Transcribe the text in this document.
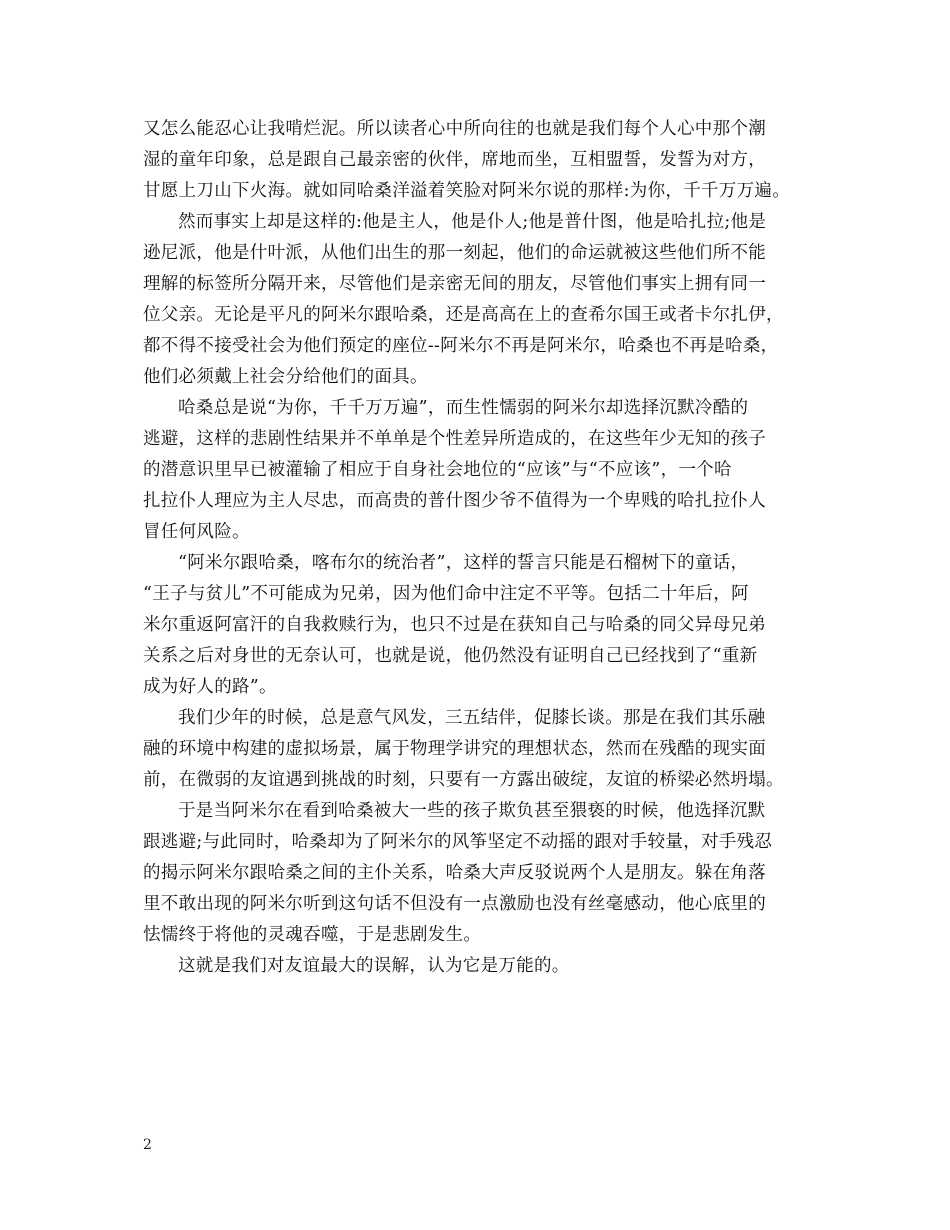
又怎么能忍心让我啃烂泥。所以读者心中所向往的也就是我们每个人心中那个潮
湿的童年印象，总是跟自己最亲密的伙伴，席地而坐，互相盟誓，发誓为对方，
甘愿上刀山下火海。就如同哈桑洋溢着笑脸对阿米尔说的那样:为你，千千万万遍。
然而事实上却是这样的:他是主人，他是仆人;他是普什图，他是哈扎拉;他是
逊尼派，他是什叶派，从他们出生的那一刻起，他们的命运就被这些他们所不能
理解的标签所分隔开来，尽管他们是亲密无间的朋友，尽管他们事实上拥有同一
位父亲。无论是平凡的阿米尔跟哈桑，还是高高在上的查希尔国王或者卡尔扎伊，
都不得不接受社会为他们预定的座位--阿米尔不再是阿米尔，哈桑也不再是哈桑，
他们必须戴上社会分给他们的面具。
哈桑总是说“为你，千千万万遍”，而生性懦弱的阿米尔却选择沉默冷酷的
逃避，这样的悲剧性结果并不单单是个性差异所造成的，在这些年少无知的孩子
的潜意识里早已被灌输了相应于自身社会地位的“应该”与“不应该”，一个哈
扎拉仆人理应为主人尽忠，而高贵的普什图少爷不值得为一个卑贱的哈扎拉仆人
冒任何风险。
“阿米尔跟哈桑，喀布尔的统治者”，这样的誓言只能是石榴树下的童话，
“王子与贫儿”不可能成为兄弟，因为他们命中注定不平等。包括二十年后，阿
米尔重返阿富汗的自我救赎行为，也只不过是在获知自己与哈桑的同父异母兄弟
关系之后对身世的无奈认可，也就是说，他仍然没有证明自己已经找到了“重新
成为好人的路”。
我们少年的时候，总是意气风发，三五结伴，促膝长谈。那是在我们其乐融
融的环境中构建的虚拟场景，属于物理学讲究的理想状态，然而在残酷的现实面
前，在微弱的友谊遇到挑战的时刻，只要有一方露出破绽，友谊的桥梁必然坍塌。
于是当阿米尔在看到哈桑被大一些的孩子欺负甚至猥亵的时候，他选择沉默
跟逃避;与此同时，哈桑却为了阿米尔的风筝坚定不动摇的跟对手较量，对手残忍
的揭示阿米尔跟哈桑之间的主仆关系，哈桑大声反驳说两个人是朋友。躲在角落
里不敢出现的阿米尔听到这句话不但没有一点激励也没有丝毫感动，他心底里的
怯懦终于将他的灵魂吞噬，于是悲剧发生。
这就是我们对友谊最大的误解，认为它是万能的。
2
